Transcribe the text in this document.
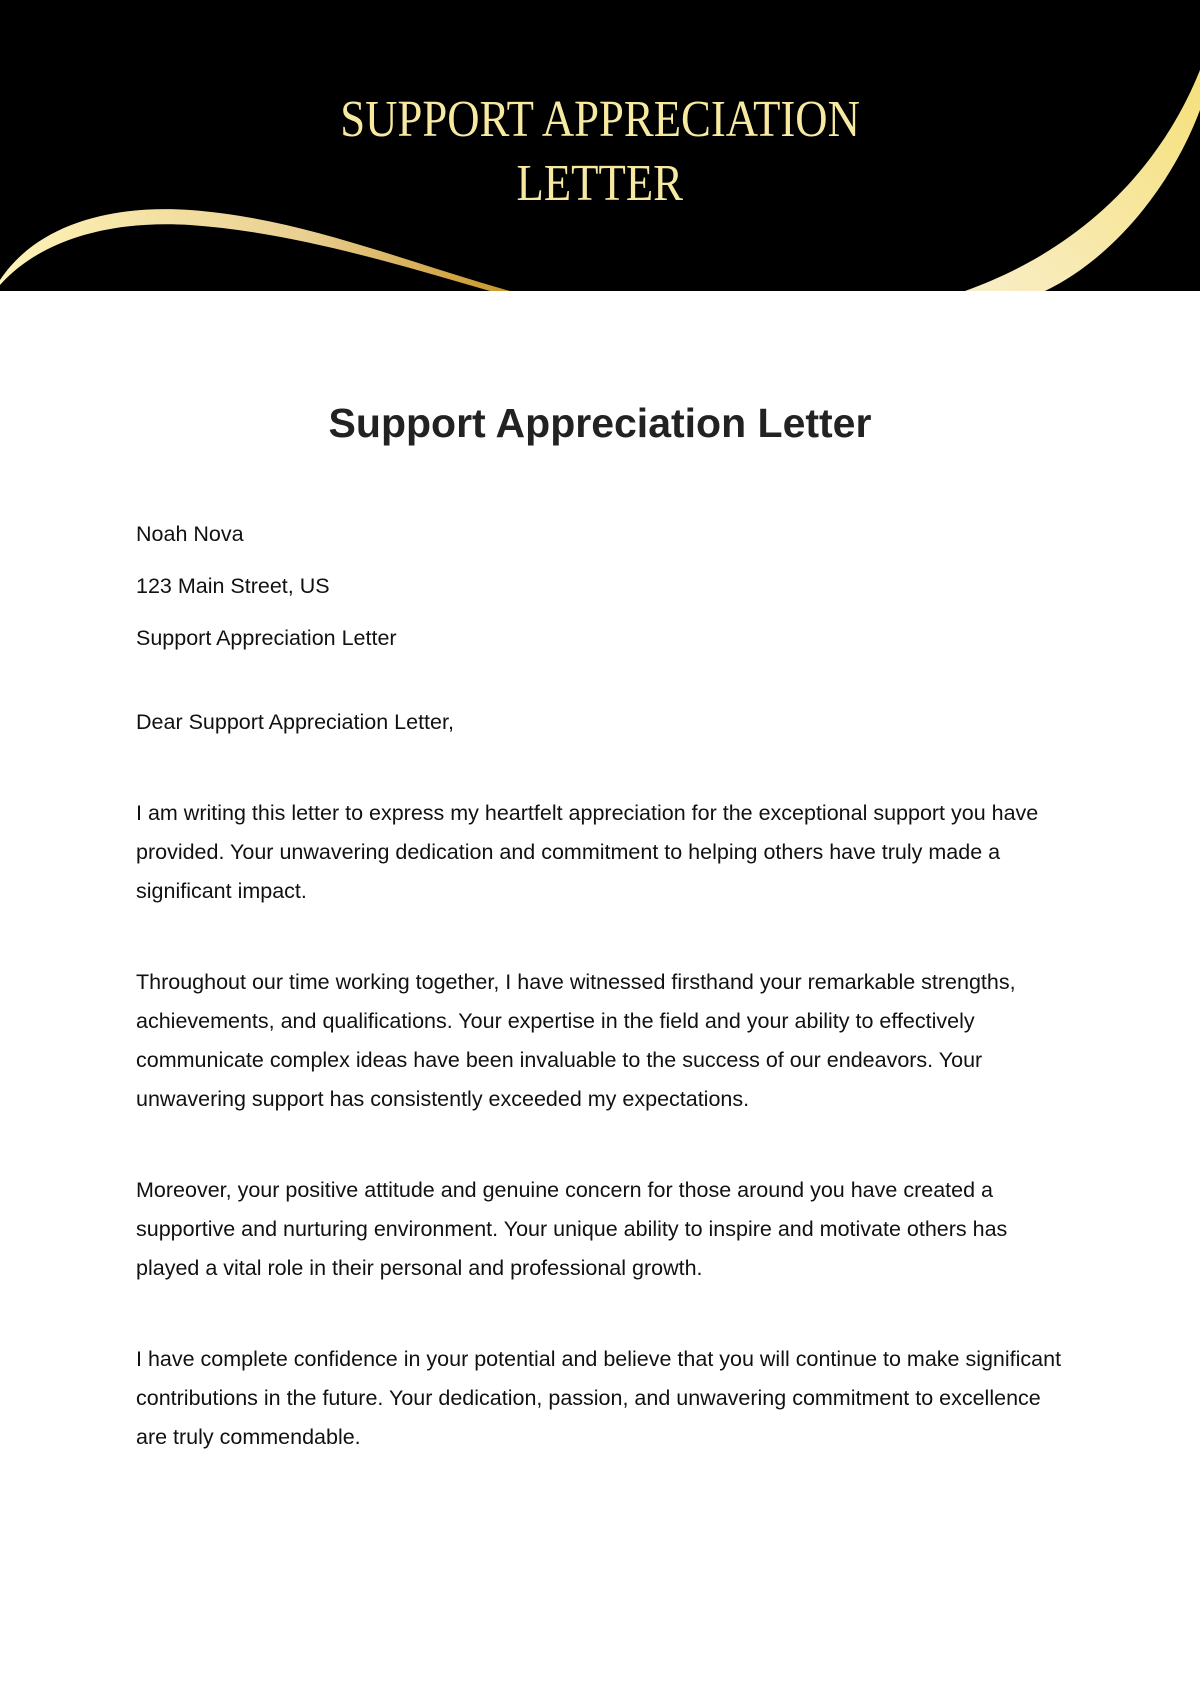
SUPPORT APPRECIATION
LETTER
Support Appreciation Letter

Noah Nova

123 Main Street, US

Support Appreciation Letter

Dear Support Appreciation Letter,

I am writing this letter to express my heartfelt appreciation for the exceptional support you have provided. Your unwavering dedication and commitment to helping others have truly made a significant impact.

Throughout our time working together, I have witnessed firsthand your remarkable strengths, achievements, and qualifications. Your expertise in the field and your ability to effectively communicate complex ideas have been invaluable to the success of our endeavors. Your unwavering support has consistently exceeded my expectations.

Moreover, your positive attitude and genuine concern for those around you have created a supportive and nurturing environment. Your unique ability to inspire and motivate others has played a vital role in their personal and professional growth.

I have complete confidence in your potential and believe that you will continue to make significant contributions in the future. Your dedication, passion, and unwavering commitment to excellence are truly commendable.
